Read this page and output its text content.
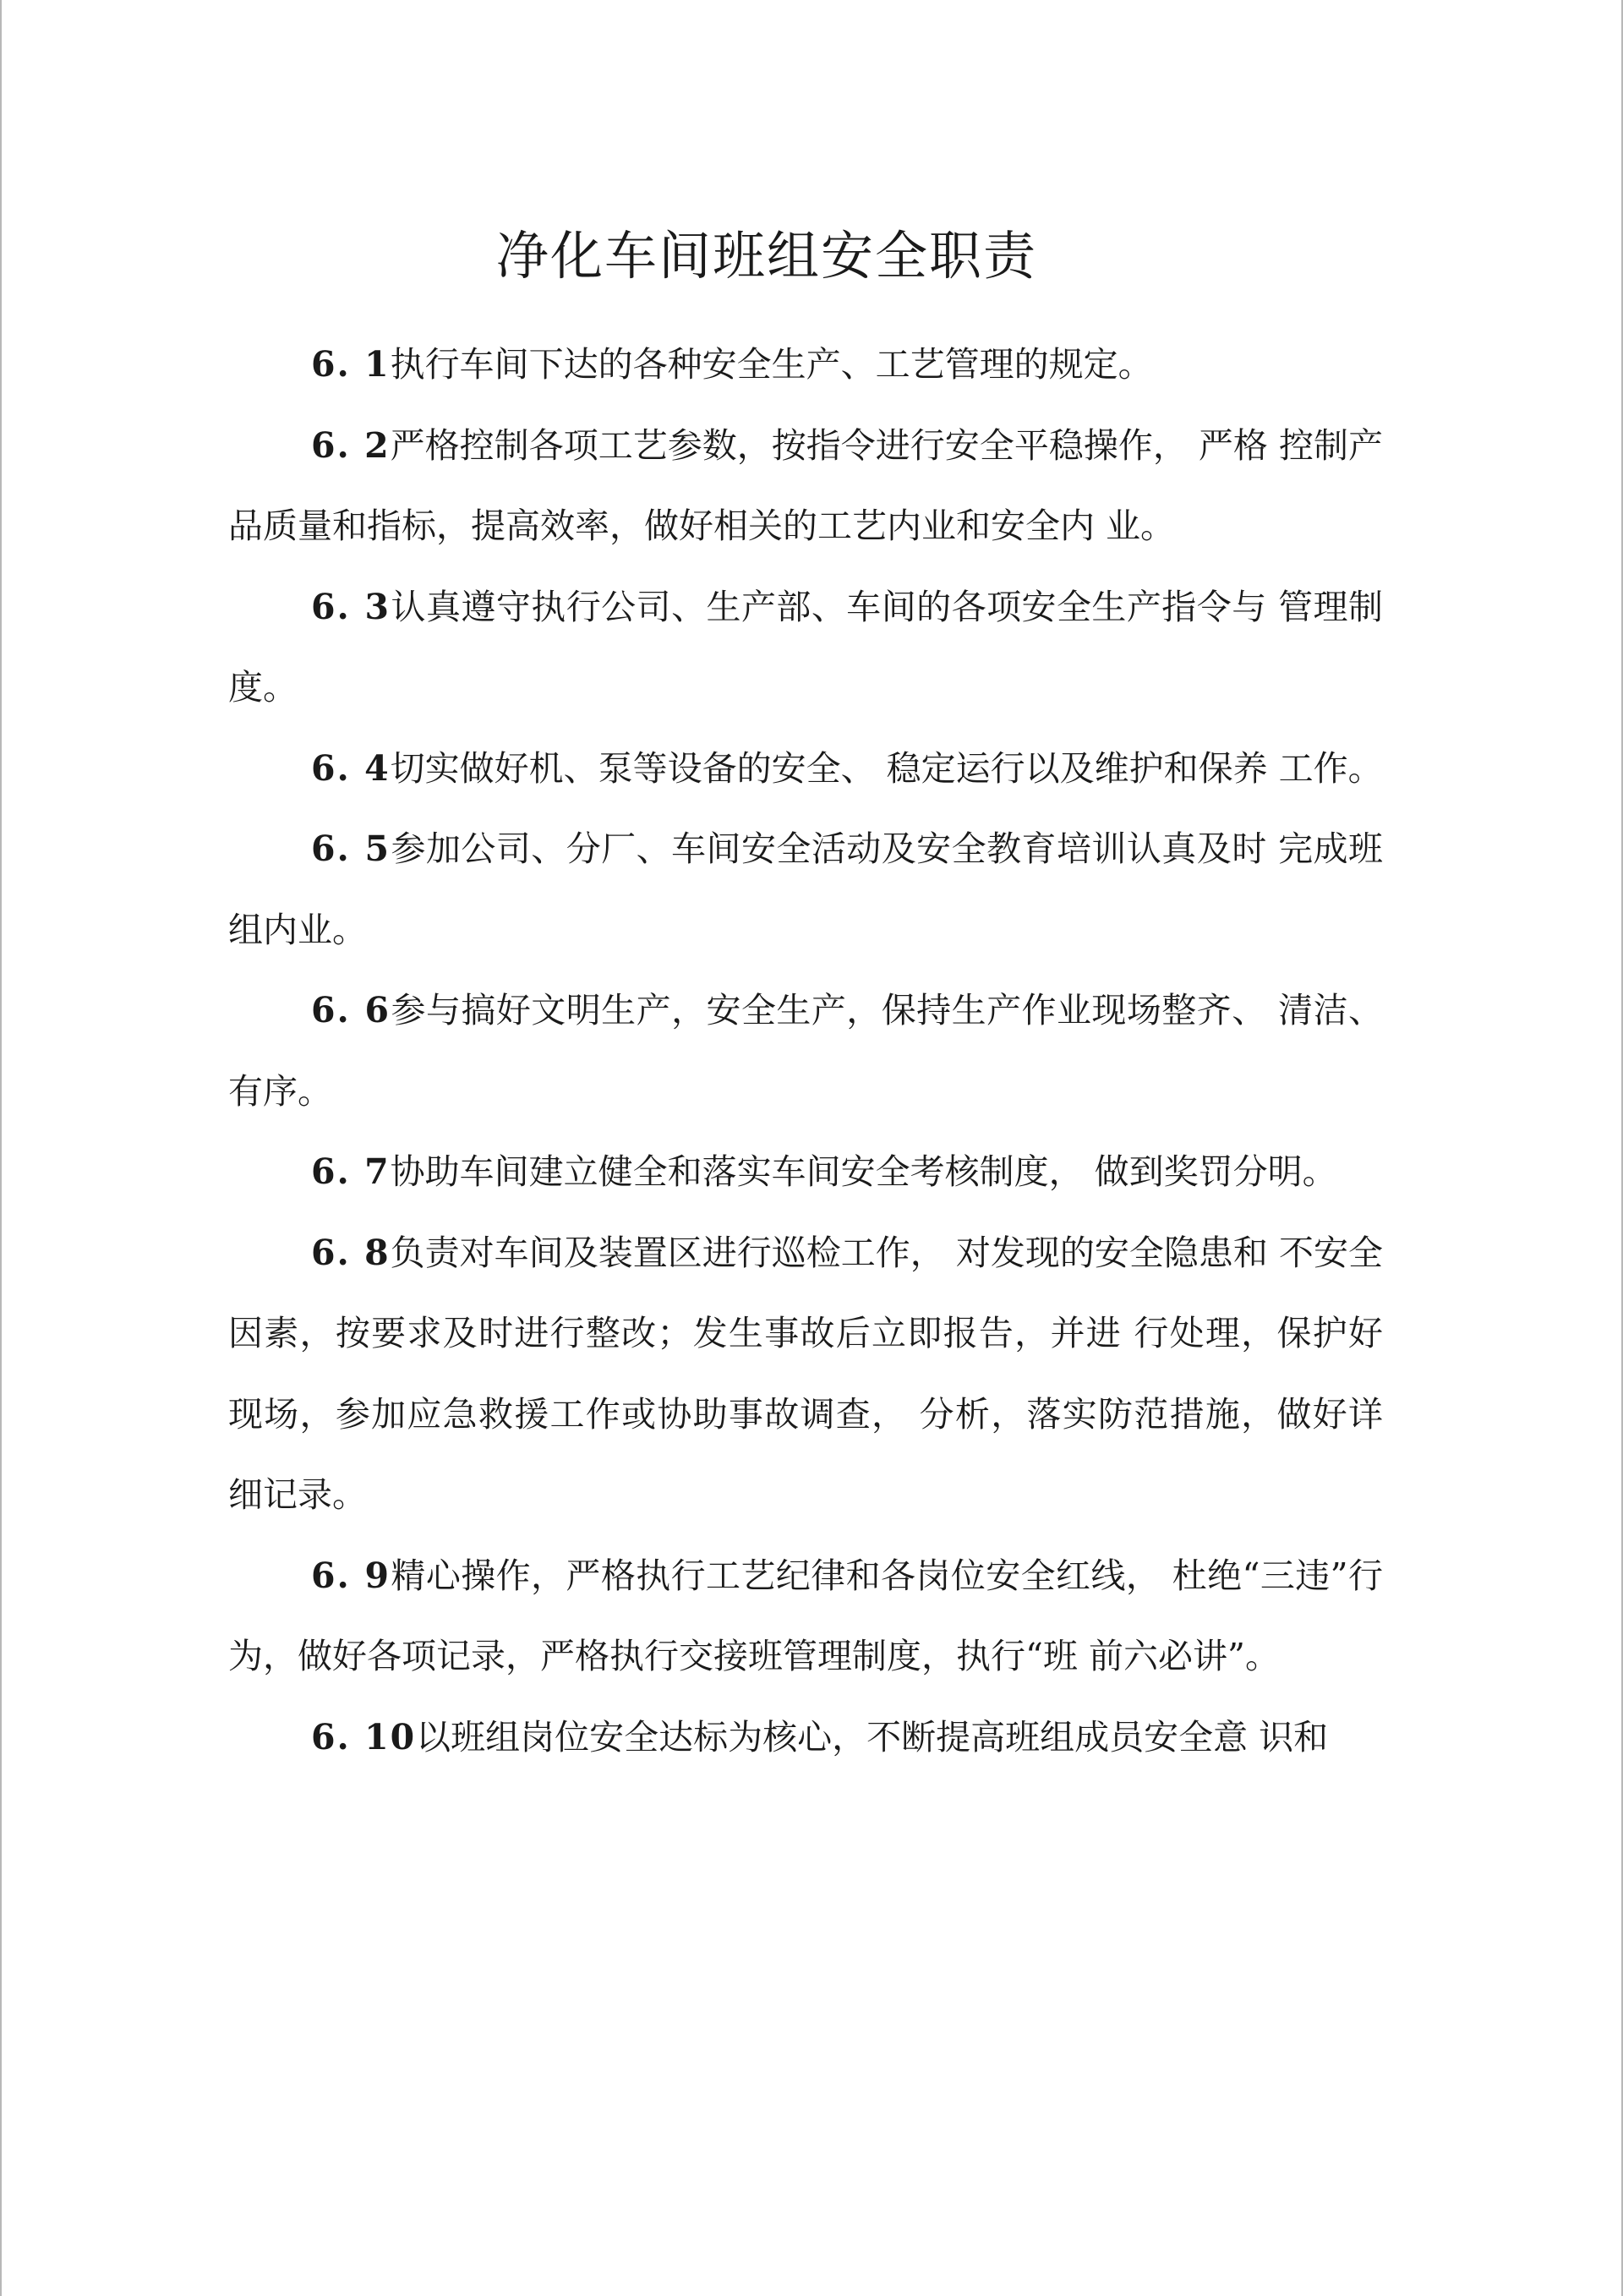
净化车间班组安全职责

6. 1执行车间下达的各种安全生产、工艺管理的规定。

6. 2严格控制各项工艺参数，按指令进行安全平稳操作， 严格 控制产品质量和指标，提高效率，做好相关的工艺内业和安全内 业。

6. 3认真遵守执行公司、生产部、车间的各项安全生产指令与 管理制度。

6. 4切实做好机、泵等设备的安全、 稳定运行以及维护和保养 工作。

6. 5参加公司、分厂、车间安全活动及安全教育培训认真及时 完成班组内业。

6. 6参与搞好文明生产，安全生产，保持生产作业现场整齐、 清洁、有序。

6. 7协助车间建立健全和落实车间安全考核制度， 做到奖罚分明。

6. 8负责对车间及装置区进行巡检工作， 对发现的安全隐患和 不安全因素，按要求及时进行整改；发生事故后立即报告，并进 行处理，保护好现场，参加应急救援工作或协助事故调查， 分析，落实防范措施，做好详细记录。

6. 9精心操作，严格执行工艺纪律和各岗位安全红线， 杜绝“三违”行为，做好各项记录，严格执行交接班管理制度，执行“班 前六必讲”。

6. 10以班组岗位安全达标为核心，不断提高班组成员安全意 识和
